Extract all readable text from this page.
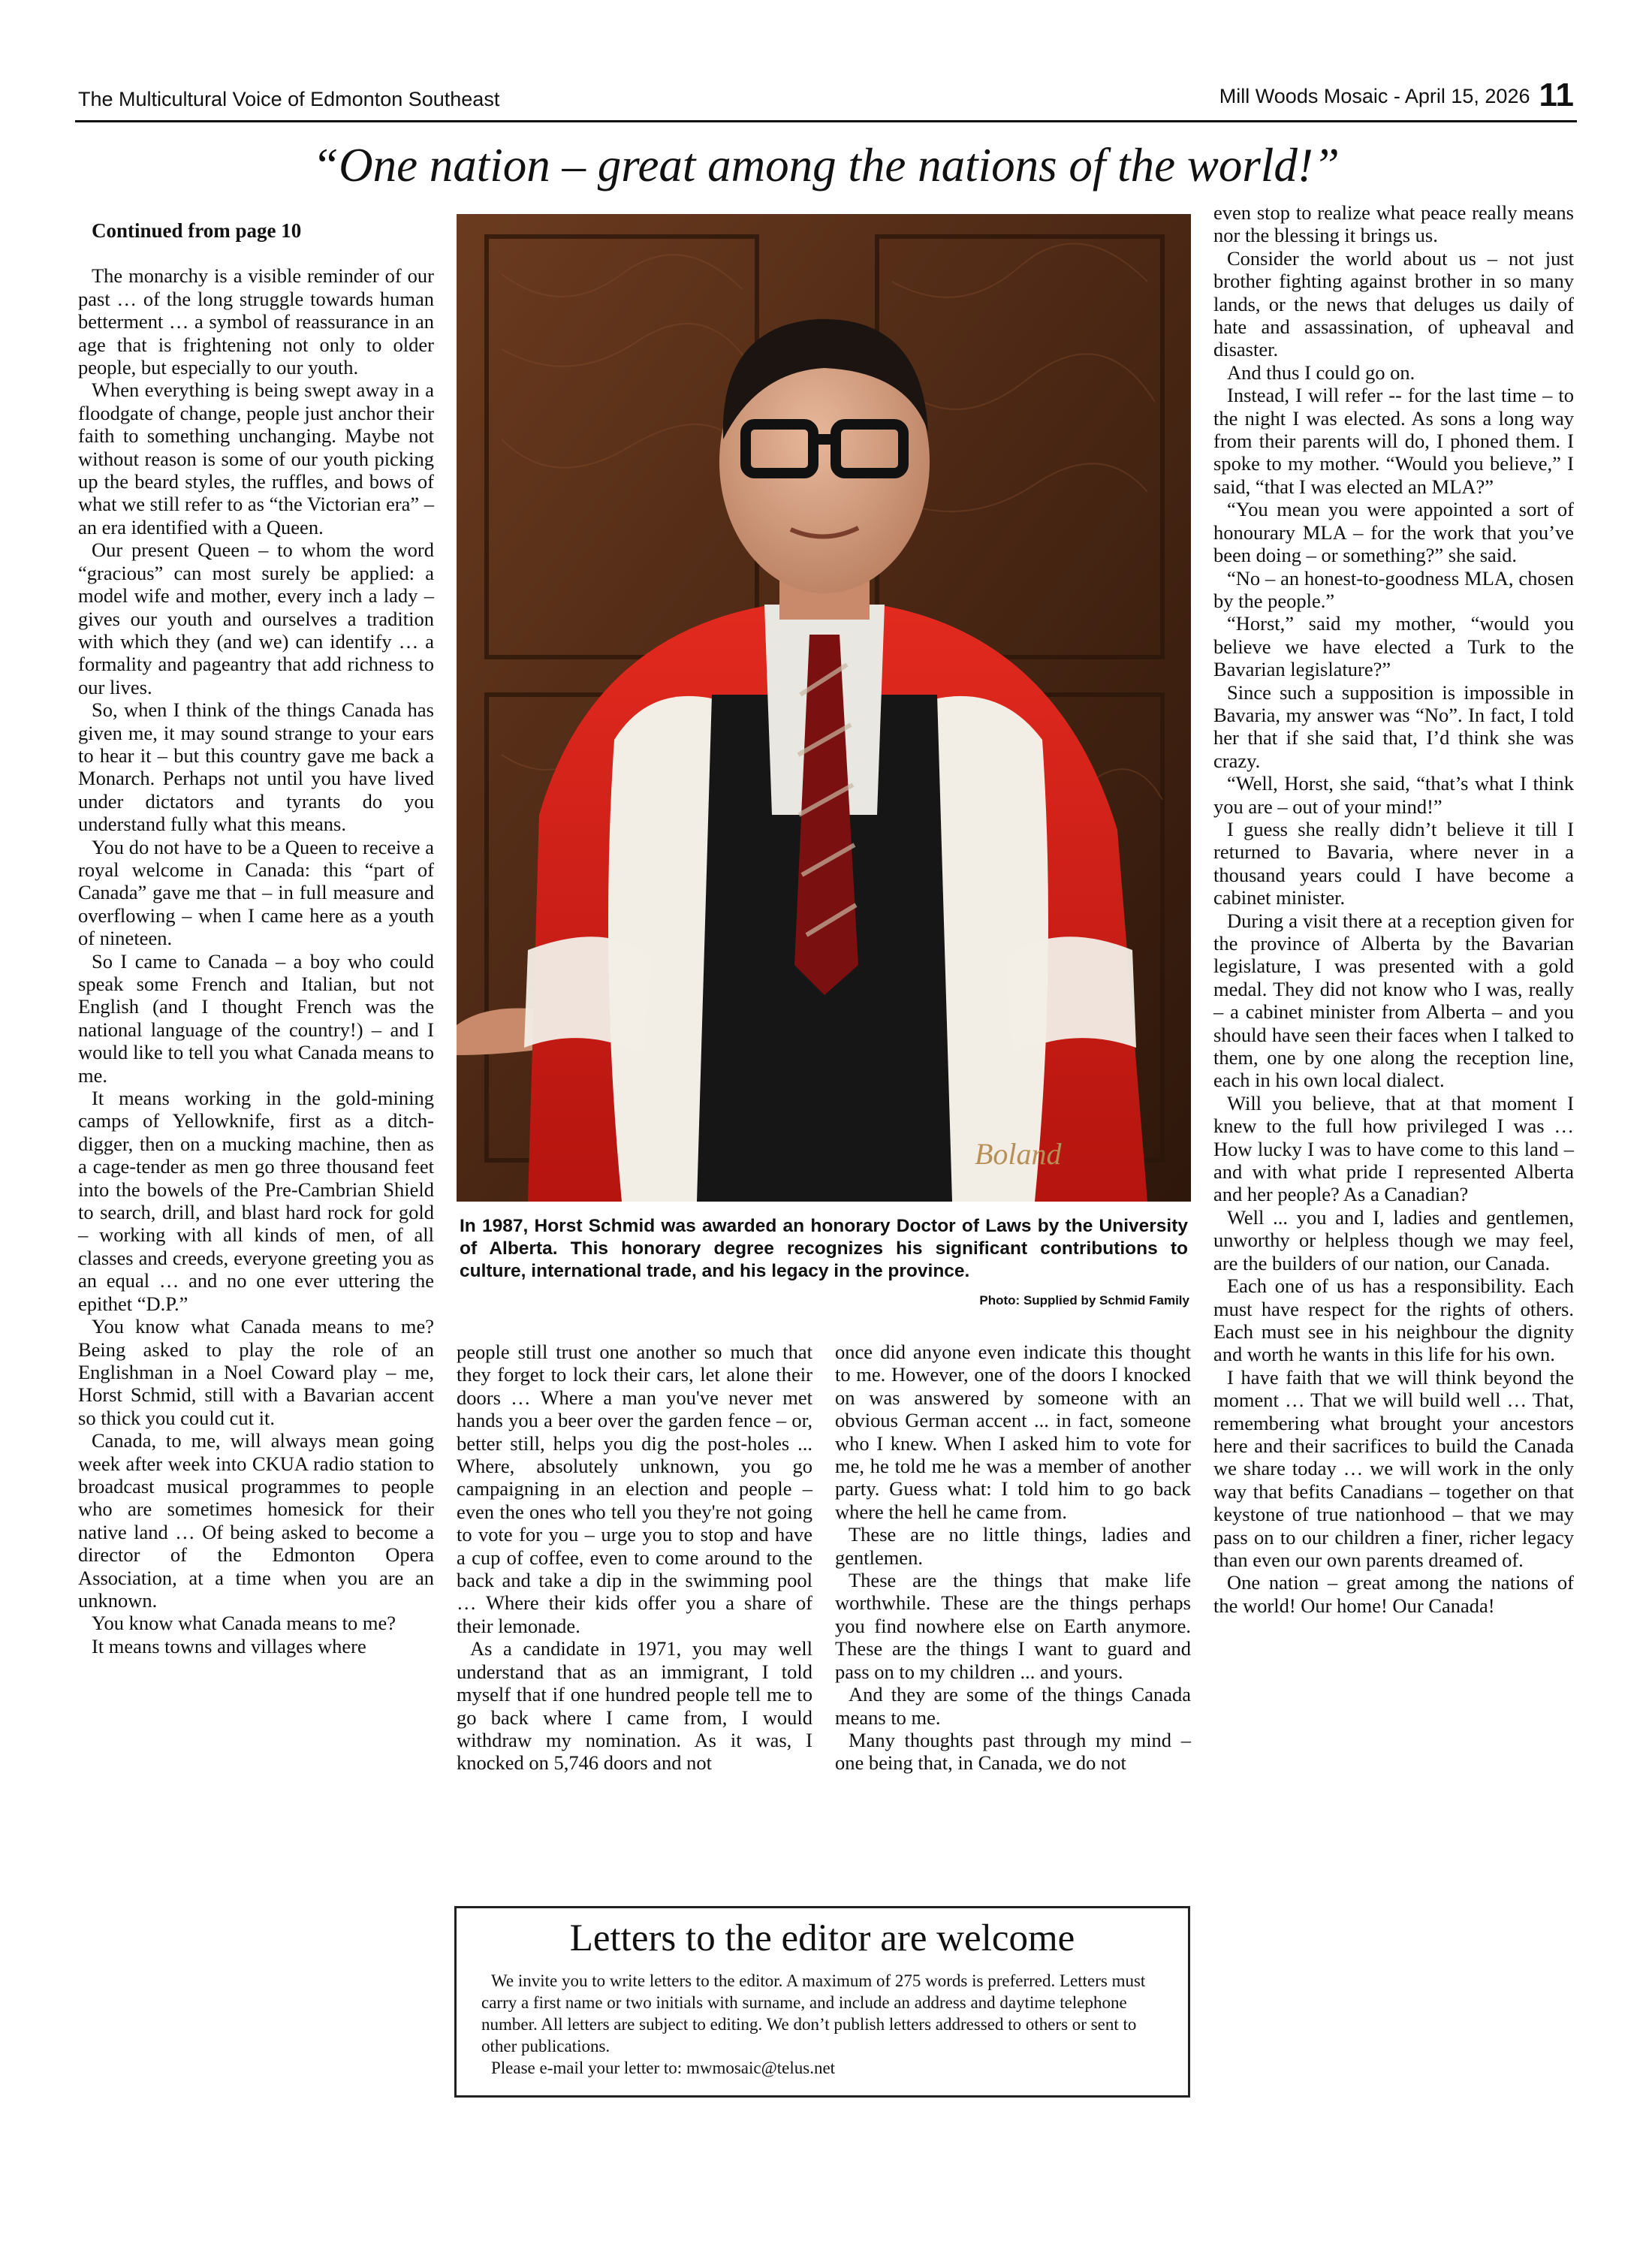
The Multicultural Voice of Edmonton Southeast	Mill Woods Mosaic - April 15, 2026 11
“One nation – great among the nations of the world!”

Continued from page 10

The monarchy is a visible reminder of our past … of the long struggle towards human betterment … a symbol of reassurance in an age that is frightening not only to older people, but especially to our youth.

When everything is being swept away in a floodgate of change, people just anchor their faith to something unchanging. Maybe not without reason is some of our youth picking up the beard styles, the ruffles, and bows of what we still refer to as “the Victorian era” – an era identified with a Queen.

Our present Queen – to whom the word “gracious” can most surely be applied: a model wife and mother, every inch a lady – gives our youth and ourselves a tradition with which they (and we) can identify … a formality and pageantry that add richness to our lives.

So, when I think of the things Canada has given me, it may sound strange to your ears to hear it – but this country gave me back a Monarch. Perhaps not until you have lived under dictators and tyrants do you understand fully what this means.

You do not have to be a Queen to receive a royal welcome in Canada: this “part of Canada” gave me that – in full measure and overflowing – when I came here as a youth of nineteen.

So I came to Canada – a boy who could speak some French and Italian, but not English (and I thought French was the national language of the country!) – and I would like to tell you what Canada means to me.

It means working in the gold-mining camps of Yellowknife, first as a ditch-digger, then on a mucking machine, then as a cage-tender as men go three thousand feet into the bowels of the Pre-Cambrian Shield to search, drill, and blast hard rock for gold – working with all kinds of men, of all classes and creeds, everyone greeting you as an equal … and no one ever uttering the epithet “D.P.”

You know what Canada means to me? Being asked to play the role of an Englishman in a Noel Coward play – me, Horst Schmid, still with a Bavarian accent so thick you could cut it.

Canada, to me, will always mean going week after week into CKUA radio station to broadcast musical programmes to people who are sometimes homesick for their native land … Of being asked to become a director of the Edmonton Opera Association, at a time when you are an unknown.

You know what Canada means to me?

It means towns and villages where

Boland
In 1987, Horst Schmid was awarded an honorary Doctor of Laws by the University of Alberta. This honorary degree recognizes his significant contributions to culture, international trade, and his legacy in the province.
Photo: Supplied by Schmid Family

people still trust one another so much that they forget to lock their cars, let alone their doors … Where a man you've never met hands you a beer over the garden fence – or, better still, helps you dig the post-holes ... Where, absolutely unknown, you go campaigning in an election and people – even the ones who tell you they're not going to vote for you – urge you to stop and have a cup of coffee, even to come around to the back and take a dip in the swimming pool … Where their kids offer you a share of their lemonade.

As a candidate in 1971, you may well understand that as an immigrant, I told myself that if one hundred people tell me to go back where I came from, I would withdraw my nomination. As it was, I knocked on 5,746 doors and not

once did anyone even indicate this thought to me. However, one of the doors I knocked on was answered by someone with an obvious German accent ... in fact, someone who I knew. When I asked him to vote for me, he told me he was a member of another party. Guess what: I told him to go back where the hell he came from.

These are no little things, ladies and gentlemen.

These are the things that make life worthwhile. These are the things perhaps you find nowhere else on Earth anymore. These are the things I want to guard and pass on to my children ... and yours.

And they are some of the things Canada means to me.

Many thoughts past through my mind – one being that, in Canada, we do not

even stop to realize what peace really means nor the blessing it brings us.

Consider the world about us – not just brother fighting against brother in so many lands, or the news that deluges us daily of hate and assassination, of upheaval and disaster.

And thus I could go on.

Instead, I will refer -- for the last time – to the night I was elected. As sons a long way from their parents will do, I phoned them. I spoke to my mother. “Would you believe,” I said, “that I was elected an MLA?”

“You mean you were appointed a sort of honourary MLA – for the work that you’ve been doing – or something?” she said.

“No – an honest-to-goodness MLA, chosen by the people.”

“Horst,” said my mother, “would you believe we have elected a Turk to the Bavarian legislature?”

Since such a supposition is impossible in Bavaria, my answer was “No”. In fact, I told her that if she said that, I’d think she was crazy.

“Well, Horst, she said, “that’s what I think you are – out of your mind!”

I guess she really didn’t believe it till I returned to Bavaria, where never in a thousand years could I have become a cabinet minister.

During a visit there at a reception given for the province of Alberta by the Bavarian legislature, I was presented with a gold medal. They did not know who I was, really – a cabinet minister from Alberta – and you should have seen their faces when I talked to them, one by one along the reception line, each in his own local dialect.

Will you believe, that at that moment I knew to the full how privileged I was … How lucky I was to have come to this land – and with what pride I represented Alberta and her people? As a Canadian?

Well ... you and I, ladies and gentlemen, unworthy or helpless though we may feel, are the builders of our nation, our Canada.

Each one of us has a responsibility. Each must have respect for the rights of others. Each must see in his neighbour the dignity and worth he wants in this life for his own.

I have faith that we will think beyond the moment … That we will build well … That, remembering what brought your ancestors here and their sacrifices to build the Canada we share today … we will work in the only way that befits Canadians – together on that keystone of true nationhood – that we may pass on to our children a finer, richer legacy than even our own parents dreamed of.

One nation – great among the nations of the world! Our home! Our Canada!

Letters to the editor are welcome

We invite you to write letters to the editor. A maximum of 275 words is preferred. Letters must carry a first name or two initials with surname, and include an address and daytime telephone number. All letters are subject to editing. We don’t publish letters addressed to others or sent to other publications.

Please e-mail your letter to: mwmosaic@telus.net
